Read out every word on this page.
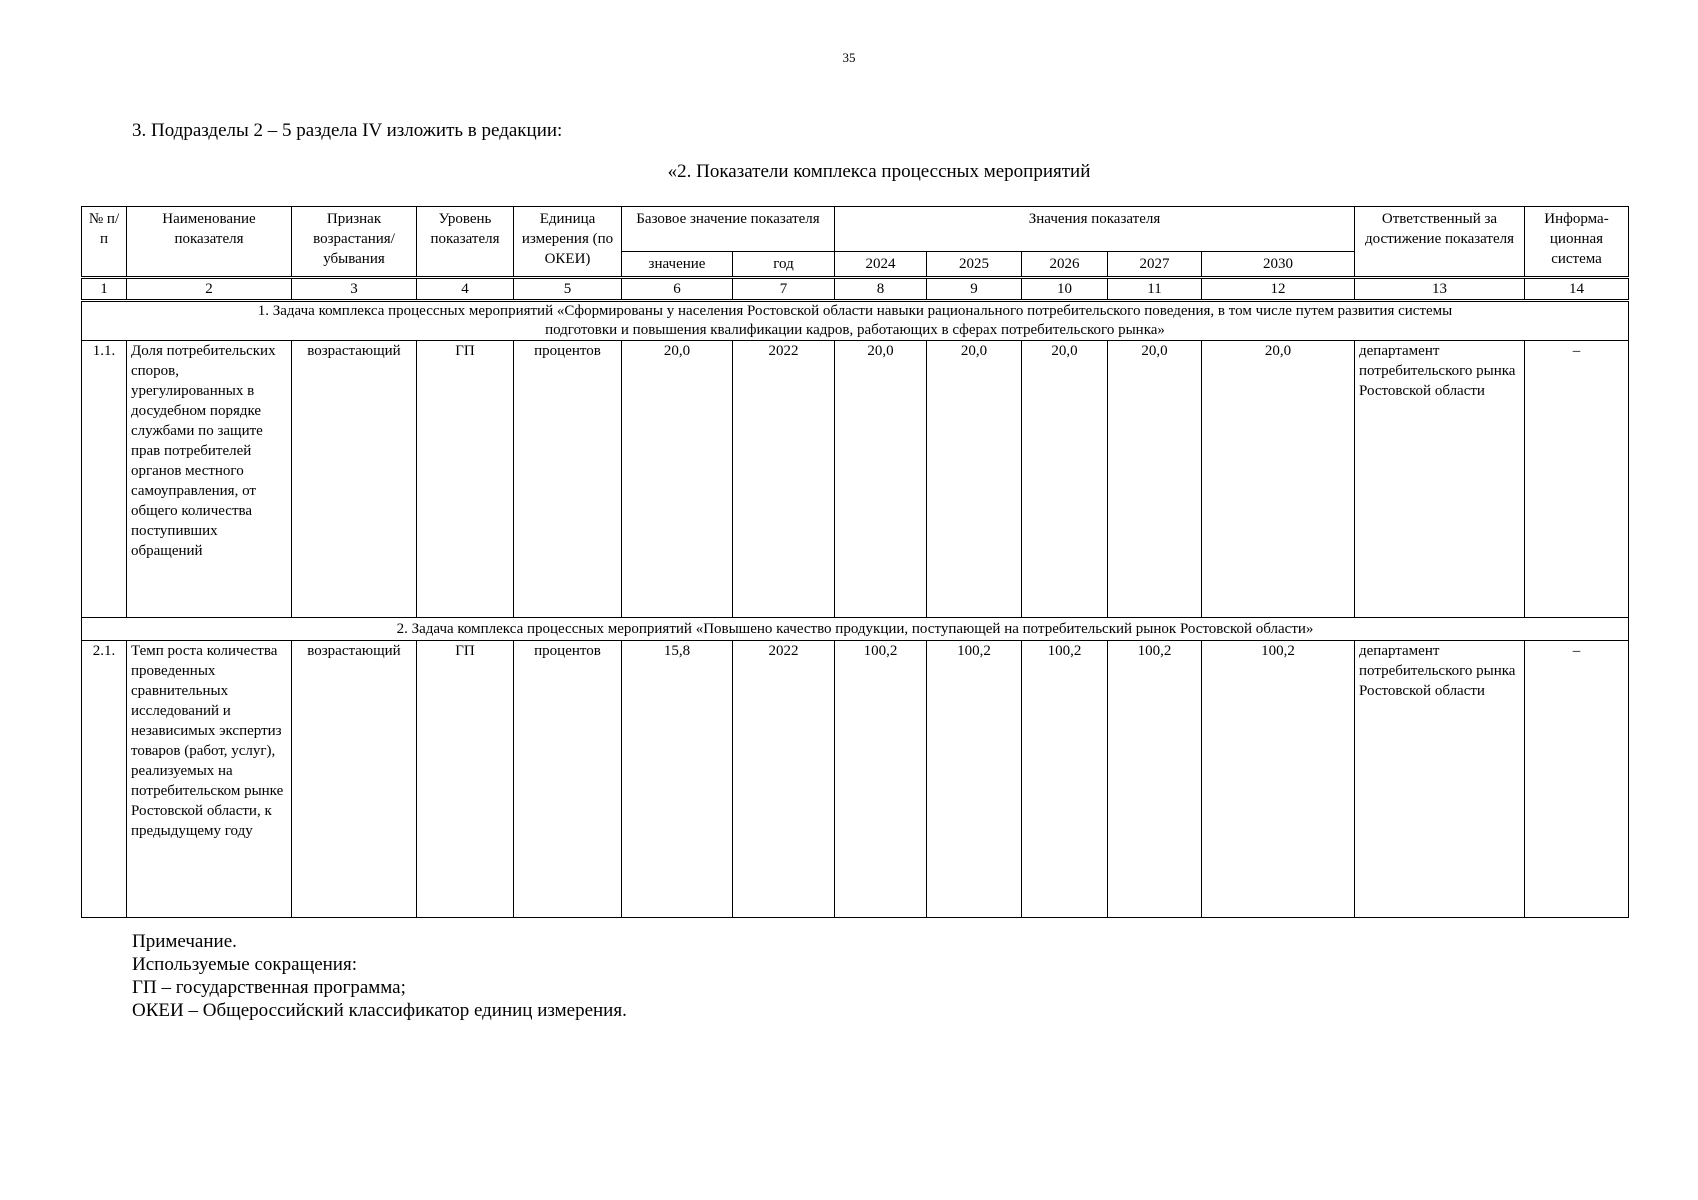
35
3. Подразделы 2 – 5 раздела IV изложить в редакции:
«2. Показатели комплекса процессных мероприятий
№ п/п	Наименование показателя	Признак возрастания/ убывания	Уровень показателя	Единица измерения (по ОКЕИ)	Базовое значение показателя		Значения показателя					Ответственный за достижение показателя	Информа-ционная система
					значение	год	2024	2025	2026	2027	2030		
1	2	3	4	5	6	7	8	9	10	11	12	13	14
1. Задача комплекса процессных мероприятий «Сформированы у населения Ростовской области навыки рационального потребительского поведения, в том числе путем развития системы подготовки и повышения квалификации кадров, работающих в сферах потребительского рынка»													
1.1.	Доля потребительских споров, урегулированных в досудебном порядке службами по защите прав потребителей органов местного самоуправления, от общего количества поступивших обращений	возрастающий	ГП	процентов	20,0	2022	20,0	20,0	20,0	20,0	20,0	департамент потребительского рынка Ростовской области	–
2. Задача комплекса процессных мероприятий «Повышено качество продукции, поступающей на потребительский рынок Ростовской области»													
2.1.	Темп роста количества проведенных сравнительных исследований и независимых экспертиз товаров (работ, услуг), реализуемых на потребительском рынке Ростовской области, к предыдущему году	возрастающий	ГП	процентов	15,8	2022	100,2	100,2	100,2	100,2	100,2	департамент потребительского рынка Ростовской области	–
Примечание.
Используемые сокращения:
ГП – государственная программа;
ОКЕИ – Общероссийский классификатор единиц измерения.
